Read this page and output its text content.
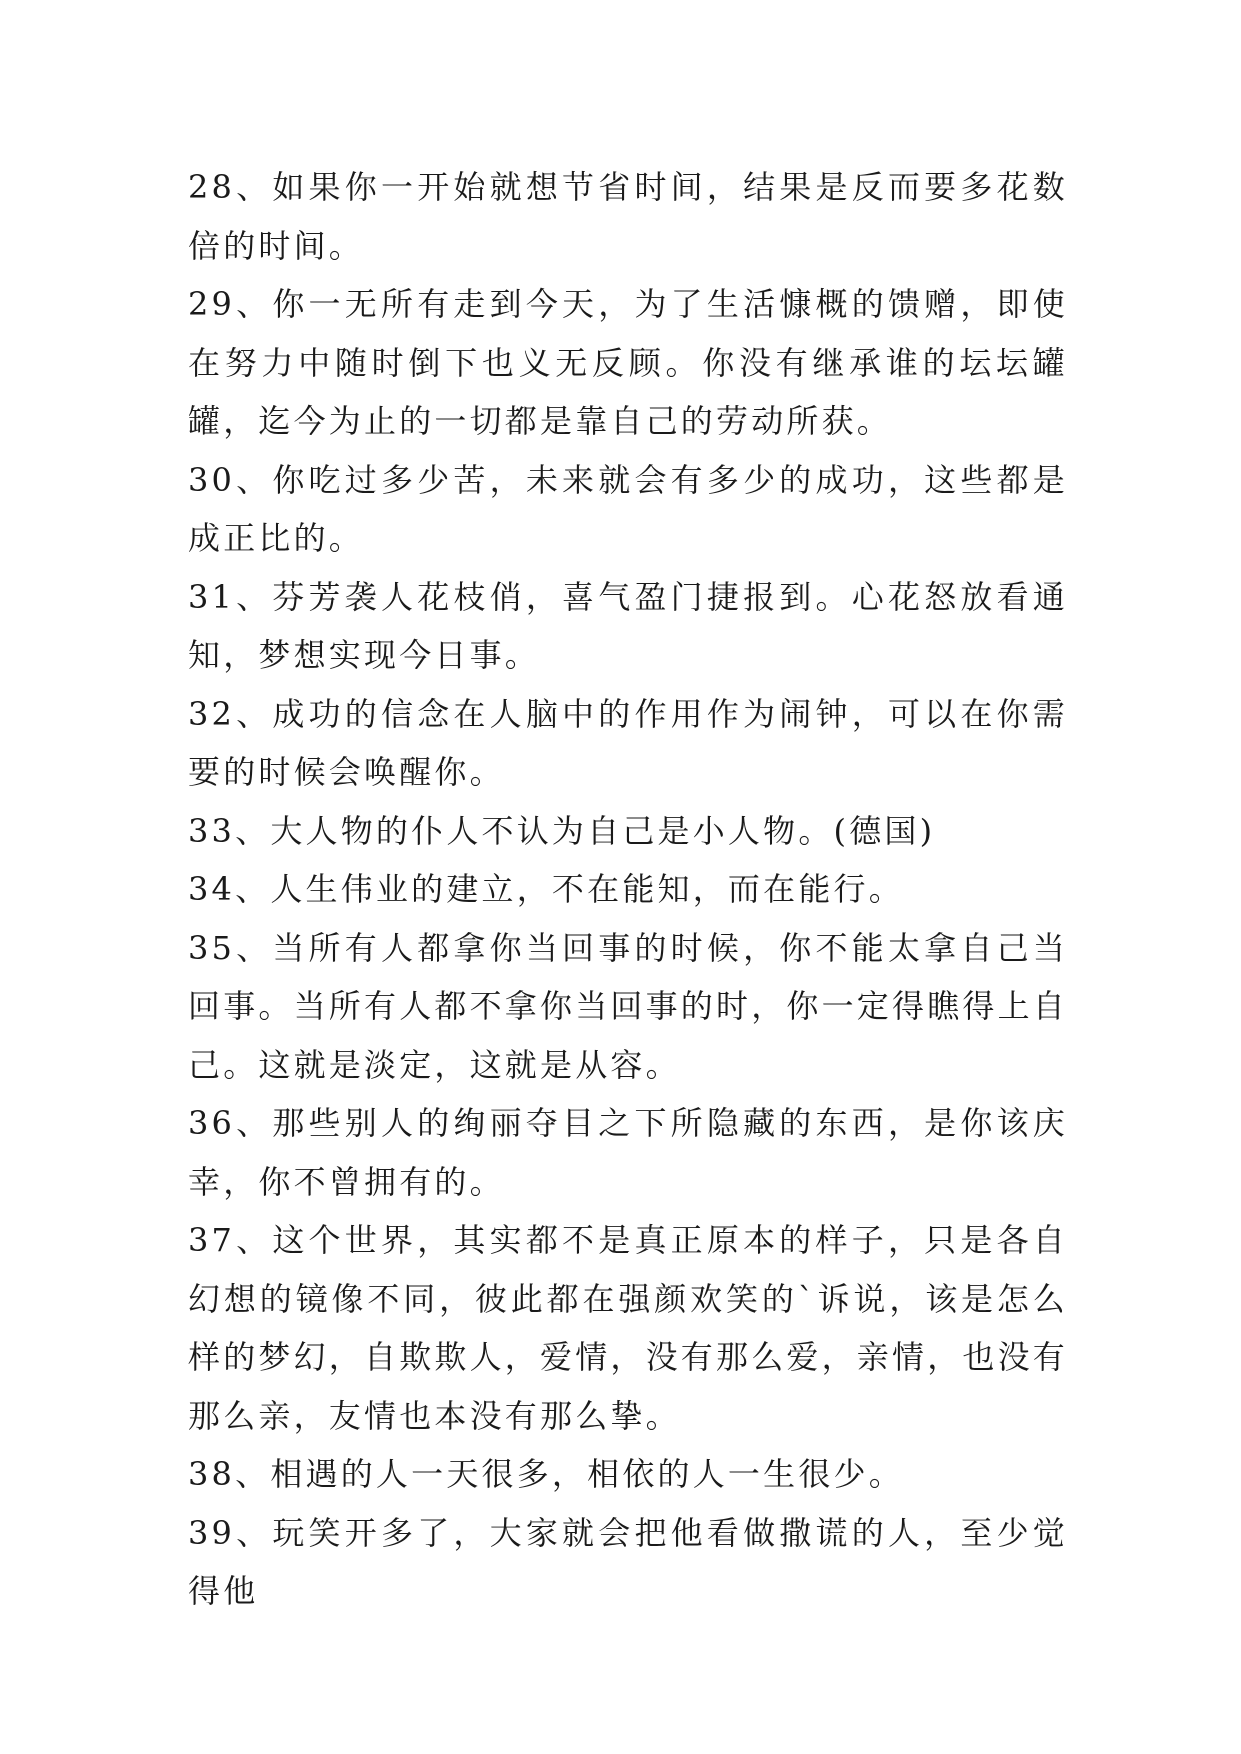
28、如果你一开始就想节省时间，结果是反而要多花数倍的时间。

29、你一无所有走到今天，为了生活慷概的馈赠，即使在努力中随时倒下也义无反顾。你没有继承谁的坛坛罐罐，迄今为止的一切都是靠自己的劳动所获。

30、你吃过多少苦，未来就会有多少的成功，这些都是成正比的。

31、芬芳袭人花枝俏，喜气盈门捷报到。心花怒放看通知，梦想实现今日事。

32、成功的信念在人脑中的作用作为闹钟，可以在你需要的时候会唤醒你。

33、大人物的仆人不认为自己是小人物。(德国)

34、人生伟业的建立，不在能知，而在能行。

35、当所有人都拿你当回事的时候，你不能太拿自己当回事。当所有人都不拿你当回事的时，你一定得瞧得上自己。这就是淡定，这就是从容。

36、那些别人的绚丽夺目之下所隐藏的东西，是你该庆幸，你不曾拥有的。

37、这个世界，其实都不是真正原本的样子，只是各自幻想的镜像不同，彼此都在强颜欢笑的`诉说，该是怎么样的梦幻，自欺欺人，爱情，没有那么爱，亲情，也没有那么亲，友情也本没有那么挚。

38、相遇的人一天很多，相依的人一生很少。

39、玩笑开多了，大家就会把他看做撒谎的人，至少觉得他
